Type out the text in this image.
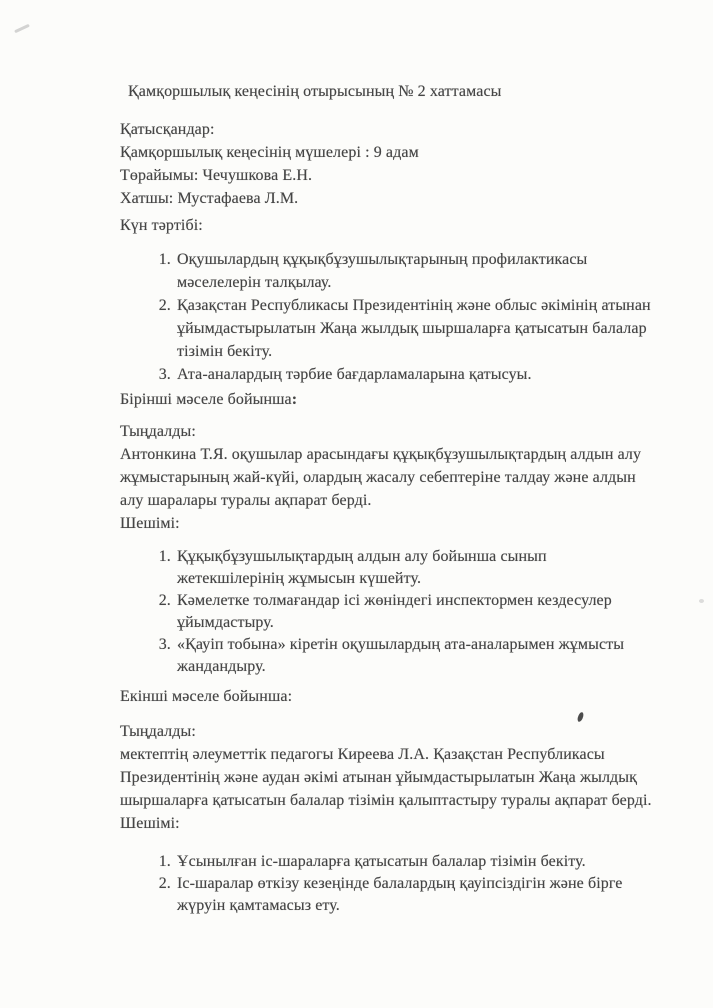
Қамқоршылық кеңесінің отырысының № 2 хаттамасы
Қатысқандар:
Қамқоршылық кеңесінің мүшелері : 9 адам
Төрайымы: Чечушкова Е.Н.
Хатшы: Мустафаева Л.М.
Күн тәртібі:
1. Оқушылардың құқықбұзушылықтарының профилактикасы мәселелерін талқылау.
2. Қазақстан Республикасы Президентінің және облыс әкімінің атынан ұйымдастырылатын Жаңа жылдық шыршаларға қатысатын балалар тізімін бекіту.
3. Ата-аналардың тәрбие бағдарламаларына қатысуы.
Бірінші мәселе бойынша:
Тыңдалды:
Антонкина Т.Я. оқушылар арасындағы құқықбұзушылықтардың алдын алу жұмыстарының жай-күйі, олардың жасалу себептеріне талдау және алдын алу шаралары туралы ақпарат берді.
Шешімі:
1. Құқықбұзушылықтардың алдын алу бойынша сынып жетекшілерінің жұмысын күшейту.
2. Кәмелетке толмағандар ісі жөніндегі инспектормен кездесулер ұйымдастыру.
3. «Қауіп тобына» кіретін оқушылардың ата-аналарымен жұмысты жандандыру.
Екінші мәселе бойынша:
Тыңдалды:
мектептің әлеуметтік педагогы Киреева Л.А. Қазақстан Республикасы Президентінің және аудан әкімі атынан ұйымдастырылатын Жаңа жылдық шыршаларға қатысатын балалар тізімін қалыптастыру туралы ақпарат берді.
Шешімі:
1. Ұсынылған іс-шараларға қатысатын балалар тізімін бекіту.
2. Іс-шаралар өткізу кезеңінде балалардың қауіпсіздігін және бірге жүруін қамтамасыз ету.
